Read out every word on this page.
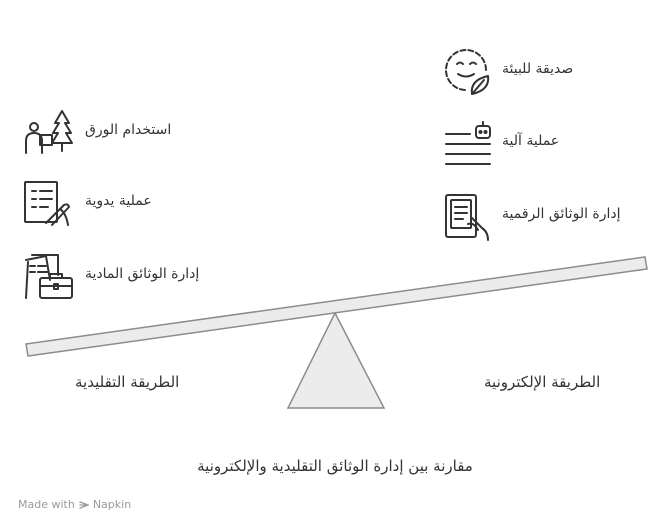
استخدام الورق
عملية يدوية
إدارة الوثائق المادية
صديقة للبيئة
عملية آلية
إدارة الوثائق الرقمية
الطريقة التقليدية	الطريقة الإلكترونية
مقارنة بين إدارة الوثائق التقليدية والإلكترونية
Made with Napkin
